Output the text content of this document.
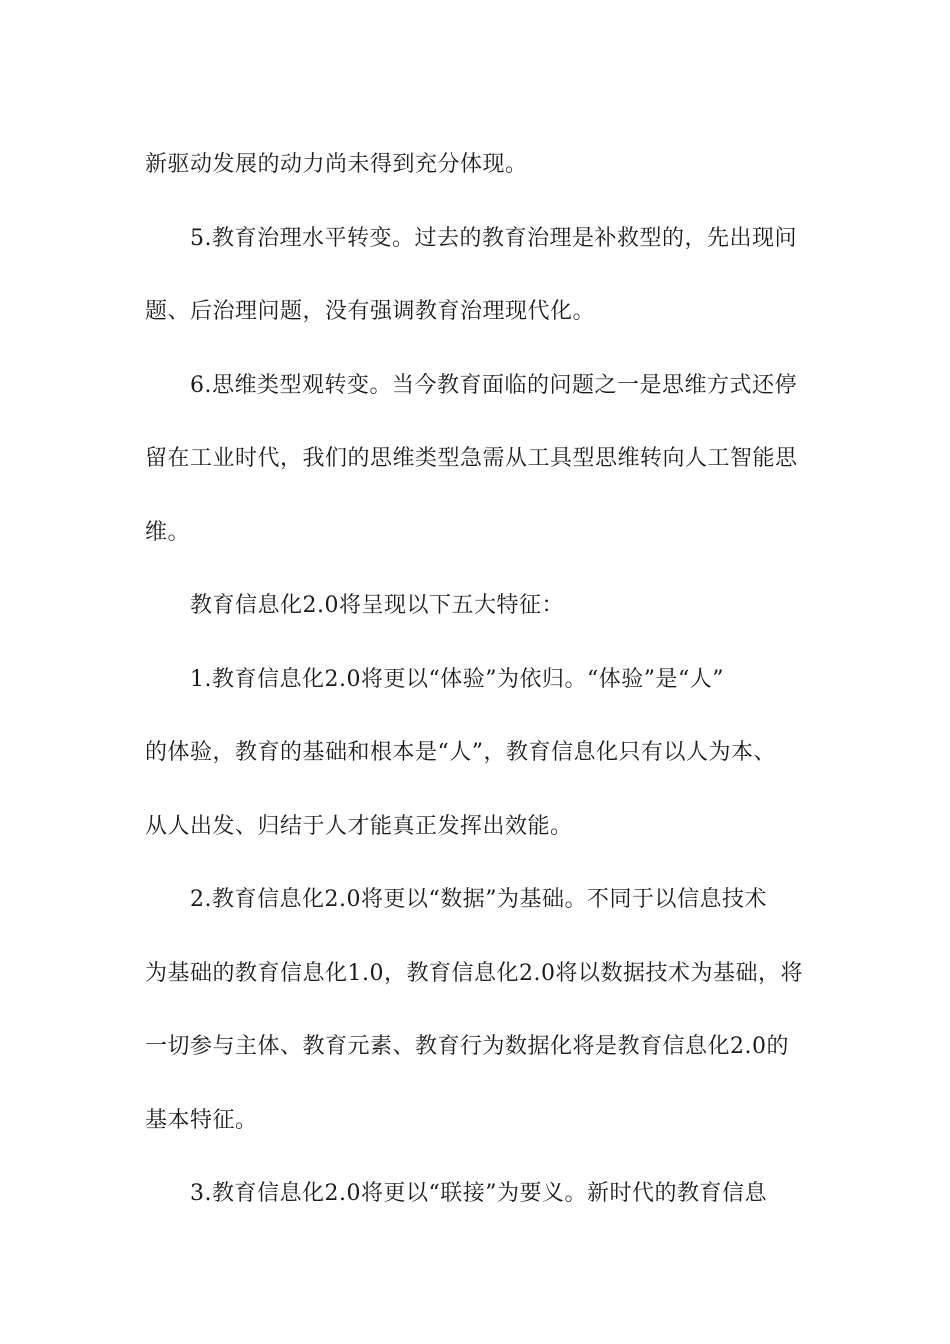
新驱动发展的动力尚未得到充分体现。
5.教育治理水平转变。过去的教育治理是补救型的，先出现问
题、后治理问题，没有强调教育治理现代化。
6.思维类型观转变。当今教育面临的问题之一是思维方式还停
留在工业时代，我们的思维类型急需从工具型思维转向人工智能思
维。
教育信息化2.0将呈现以下五大特征：
1.教育信息化2.0将更以“体验”为依归。“体验”是“人”
的体验，教育的基础和根本是“人”，教育信息化只有以人为本、
从人出发、归结于人才能真正发挥出效能。
2.教育信息化2.0将更以“数据”为基础。不同于以信息技术
为基础的教育信息化1.0，教育信息化2.0将以数据技术为基础，将
一切参与主体、教育元素、教育行为数据化将是教育信息化2.0的
基本特征。
3.教育信息化2.0将更以“联接”为要义。新时代的教育信息
